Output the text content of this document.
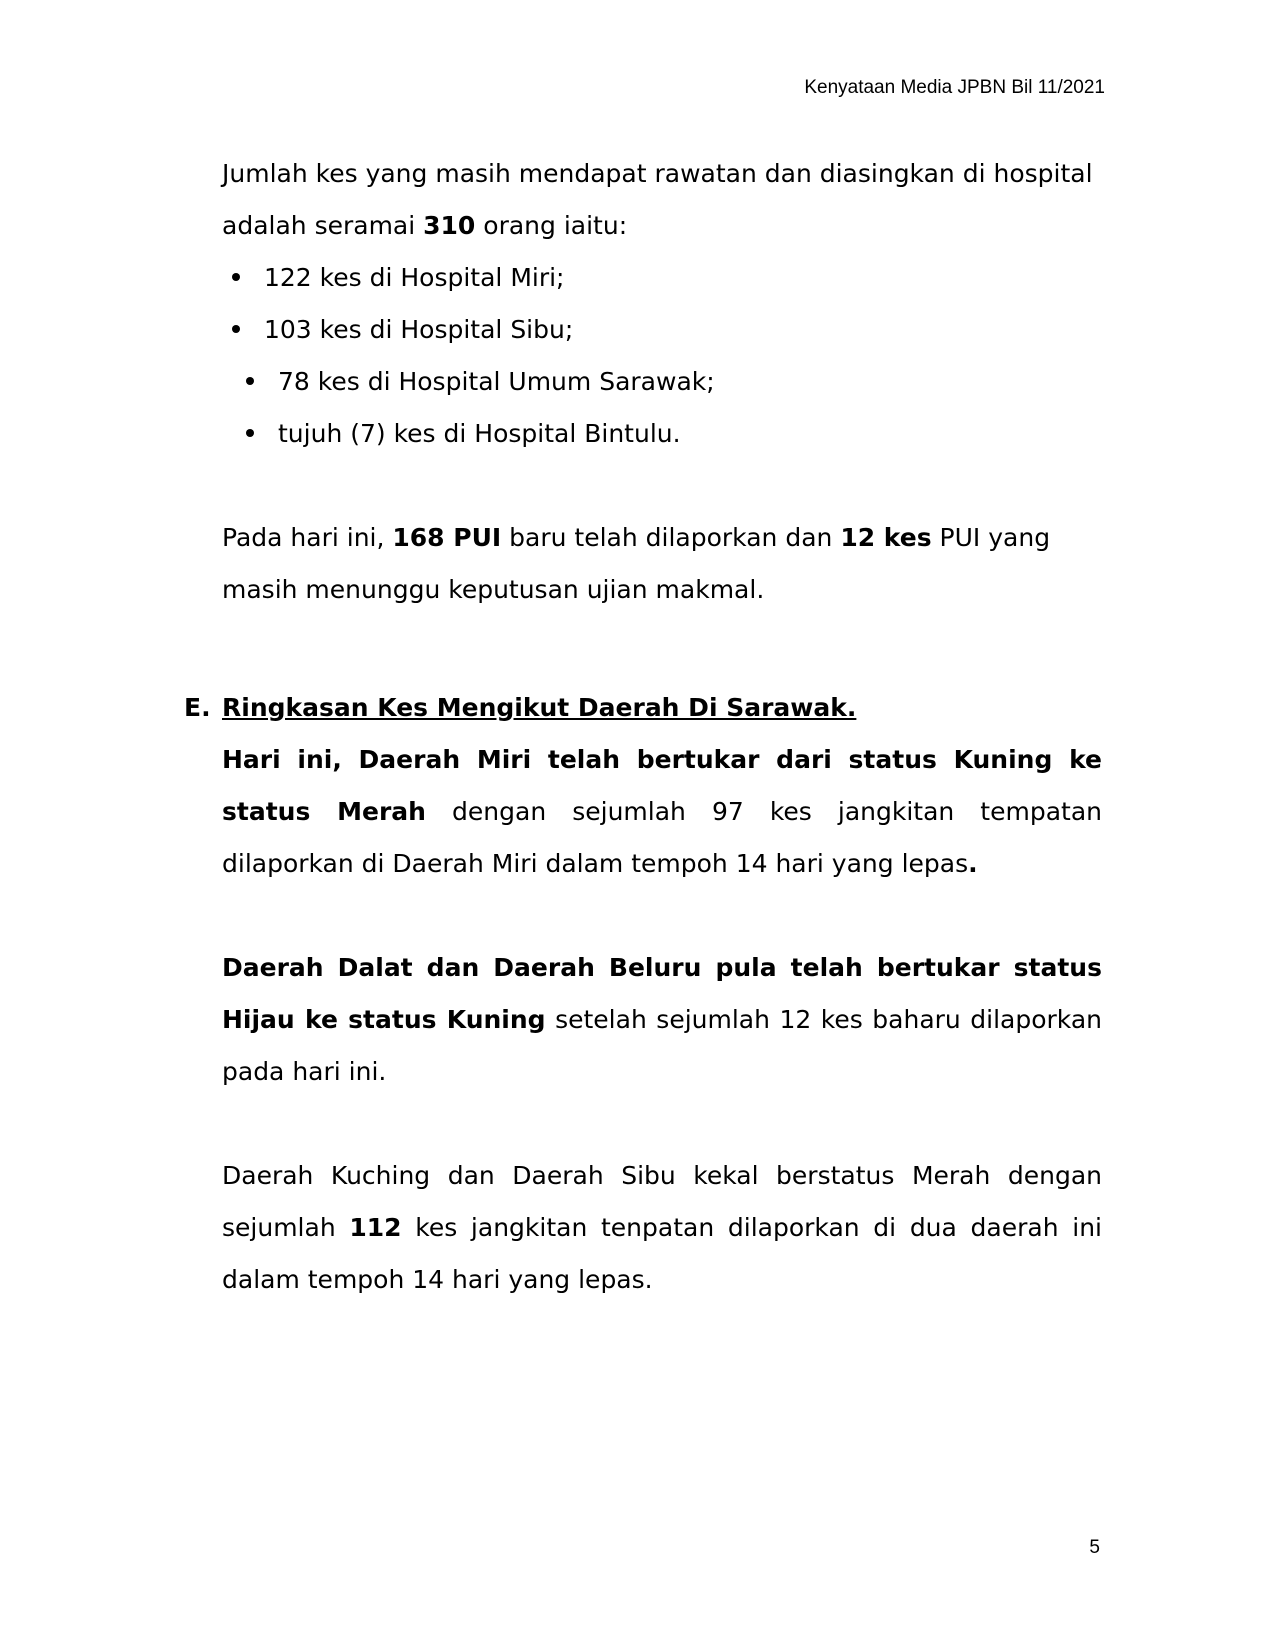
Kenyataan Media JPBN Bil 11/2021

Jumlah kes yang masih mendapat rawatan dan diasingkan di hospital adalah seramai 310 orang iaitu:

122 kes di Hospital Miri;
103 kes di Hospital Sibu;
78 kes di Hospital Umum Sarawak;
tujuh (7) kes di Hospital Bintulu.

Pada hari ini, 168 PUI baru telah dilaporkan dan 12 kes PUI yang masih menunggu keputusan ujian makmal.

E. Ringkasan Kes Mengikut Daerah Di Sarawak.

Hari ini, Daerah Miri telah bertukar dari status Kuning ke status Merah dengan sejumlah 97 kes jangkitan tempatan dilaporkan di Daerah Miri dalam tempoh 14 hari yang lepas.

Daerah Dalat dan Daerah Beluru pula telah bertukar status Hijau ke status Kuning setelah sejumlah 12 kes baharu dilaporkan pada hari ini.

Daerah Kuching dan Daerah Sibu kekal berstatus Merah dengan sejumlah 112 kes jangkitan tenpatan dilaporkan di dua daerah ini dalam tempoh 14 hari yang lepas.

5
